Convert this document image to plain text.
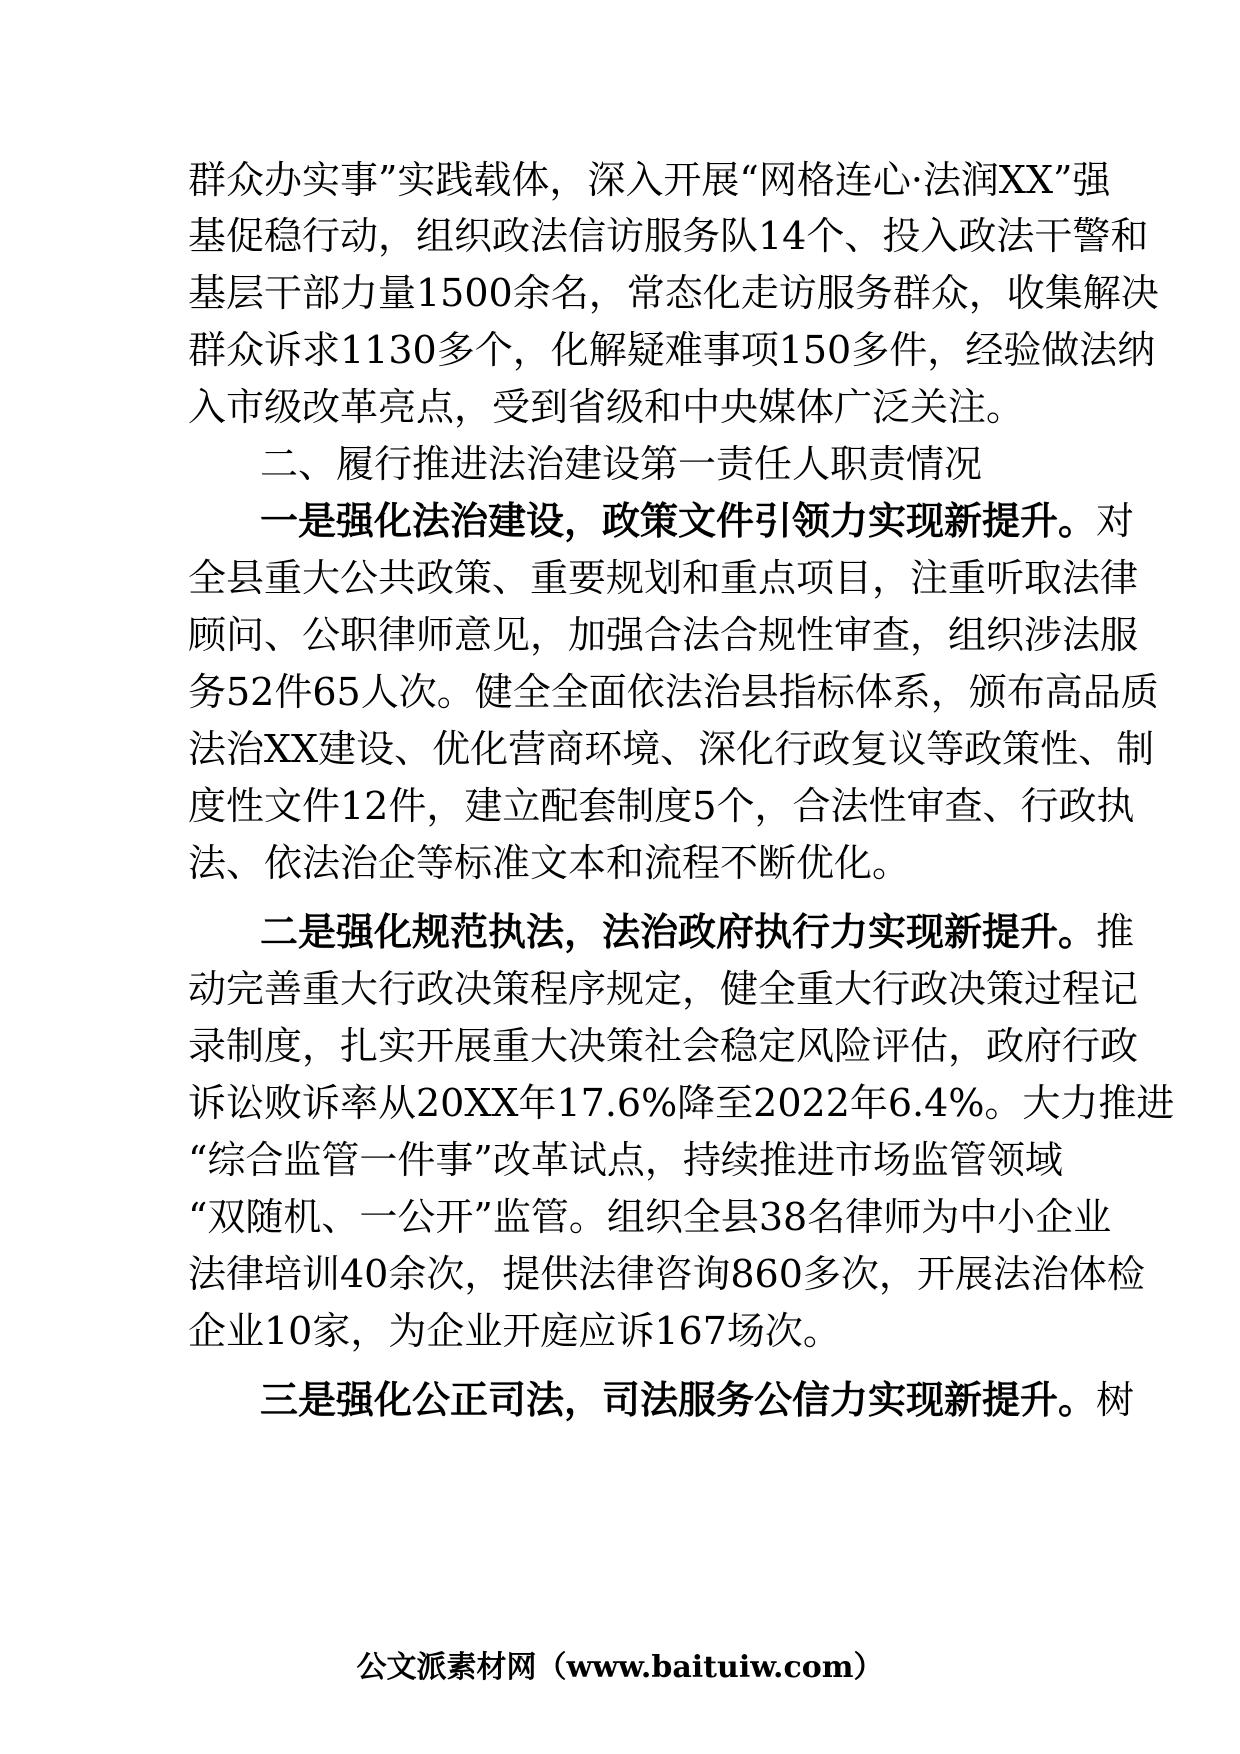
群众办实事”实践载体，深入开展“网格连心·法润XX”强
基促稳行动，组织政法信访服务队14个、投入政法干警和
基层干部力量1500余名，常态化走访服务群众，收集解决
群众诉求1130多个，化解疑难事项150多件，经验做法纳
入市级改革亮点，受到省级和中央媒体广泛关注。
二、履行推进法治建设第一责任人职责情况
一是强化法治建设，政策文件引领力实现新提升。对
全县重大公共政策、重要规划和重点项目，注重听取法律
顾问、公职律师意见，加强合法合规性审查，组织涉法服
务52件65人次。健全全面依法治县指标体系，颁布高品质
法治XX建设、优化营商环境、深化行政复议等政策性、制
度性文件12件，建立配套制度5个，合法性审查、行政执
法、依法治企等标准文本和流程不断优化。
二是强化规范执法，法治政府执行力实现新提升。推
动完善重大行政决策程序规定，健全重大行政决策过程记
录制度，扎实开展重大决策社会稳定风险评估，政府行政
诉讼败诉率从20XX年17.6%降至2022年6.4%。大力推进
“综合监管一件事”改革试点，持续推进市场监管领域
“双随机、一公开”监管。组织全县38名律师为中小企业
法律培训40余次，提供法律咨询860多次，开展法治体检
企业10家，为企业开庭应诉167场次。
三是强化公正司法，司法服务公信力实现新提升。树
公文派素材网（www.baituiw.com）
